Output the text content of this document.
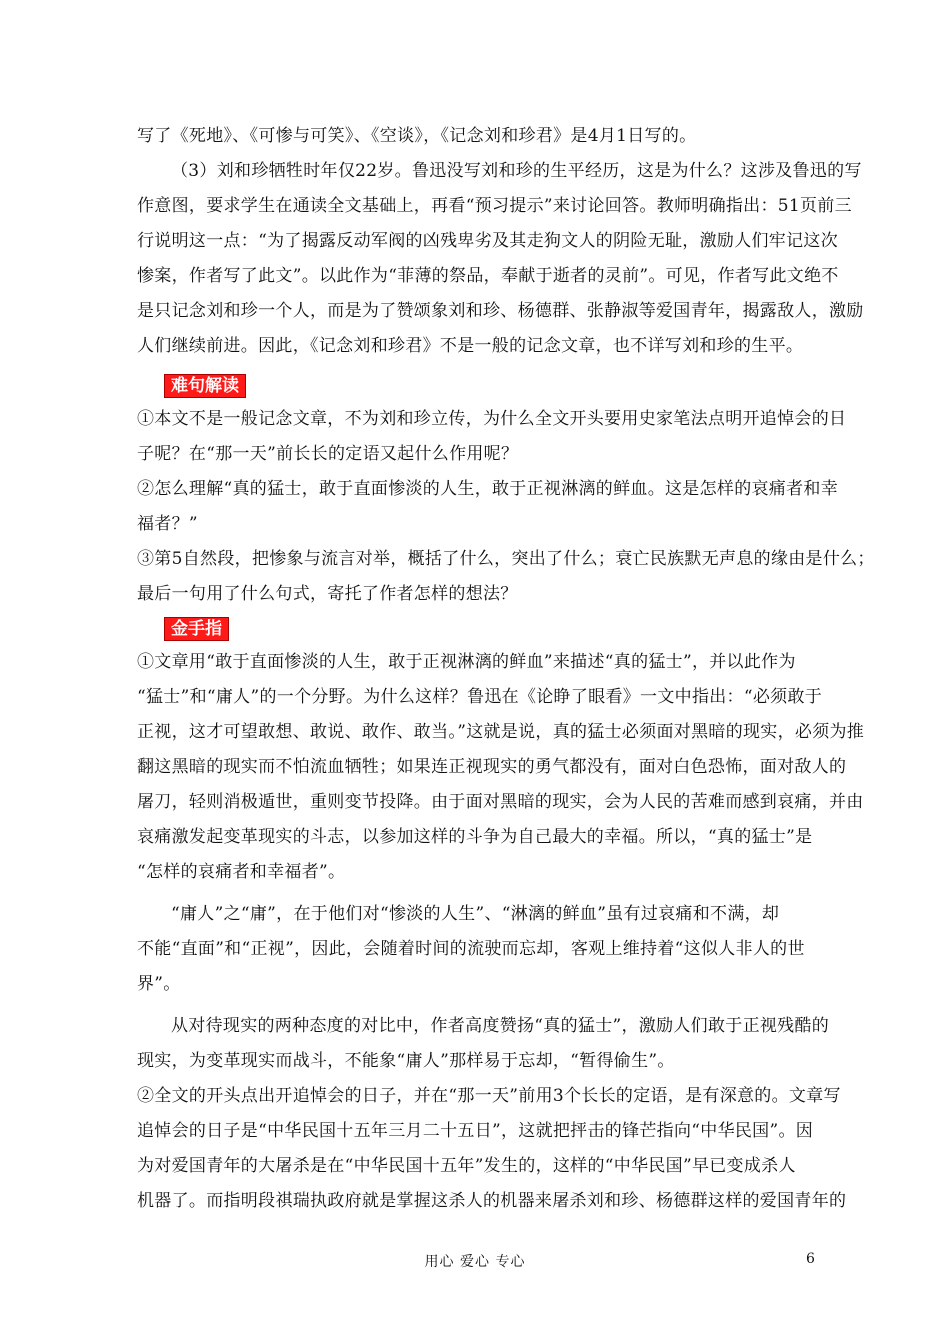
写了《死地》、《可惨与可笑》、《空谈》，《记念刘和珍君》是4月1日写的。
（3）刘和珍牺牲时年仅22岁。鲁迅没写刘和珍的生平经历，这是为什么？这涉及鲁迅的写
作意图，要求学生在通读全文基础上，再看“预习提示”来讨论回答。教师明确指出：51页前三
行说明这一点：“为了揭露反动军阀的凶残卑劣及其走狗文人的阴险无耻，激励人们牢记这次
惨案，作者写了此文”。以此作为“菲薄的祭品，奉献于逝者的灵前”。可见，作者写此文绝不
是只记念刘和珍一个人，而是为了赞颂象刘和珍、杨德群、张静淑等爱国青年，揭露敌人，激励
人们继续前进。因此，《记念刘和珍君》不是一般的记念文章，也不详写刘和珍的生平。
难句解读
①本文不是一般记念文章，不为刘和珍立传，为什么全文开头要用史家笔法点明开追悼会的日
子呢？在“那一天”前长长的定语又起什么作用呢？
②怎么理解“真的猛士，敢于直面惨淡的人生，敢于正视淋漓的鲜血。这是怎样的哀痛者和幸
福者？”
③第5自然段，把惨象与流言对举，概括了什么，突出了什么；衰亡民族默无声息的缘由是什么；
最后一句用了什么句式，寄托了作者怎样的想法？
金手指
①文章用“敢于直面惨淡的人生，敢于正视淋漓的鲜血”来描述“真的猛士”，并以此作为
“猛士”和“庸人”的一个分野。为什么这样？鲁迅在《论睁了眼看》一文中指出：“必须敢于
正视，这才可望敢想、敢说、敢作、敢当。”这就是说，真的猛士必须面对黑暗的现实，必须为推
翻这黑暗的现实而不怕流血牺牲；如果连正视现实的勇气都没有，面对白色恐怖，面对敌人的
屠刀，轻则消极遁世，重则变节投降。由于面对黑暗的现实，会为人民的苦难而感到哀痛，并由
哀痛激发起变革现实的斗志，以参加这样的斗争为自己最大的幸福。所以，“真的猛士”是
“怎样的哀痛者和幸福者”。
“庸人”之“庸”，在于他们对“惨淡的人生”、“淋漓的鲜血”虽有过哀痛和不满，却
不能“直面”和“正视”，因此，会随着时间的流驶而忘却，客观上维持着“这似人非人的世
界”。
从对待现实的两种态度的对比中，作者高度赞扬“真的猛士”，激励人们敢于正视残酷的
现实，为变革现实而战斗，不能象“庸人”那样易于忘却，“暂得偷生”。
②全文的开头点出开追悼会的日子，并在“那一天”前用3个长长的定语，是有深意的。文章写
追悼会的日子是“中华民国十五年三月二十五日”，这就把抨击的锋芒指向“中华民国”。因
为对爱国青年的大屠杀是在“中华民国十五年”发生的，这样的“中华民国”早已变成杀人
机器了。而指明段祺瑞执政府就是掌握这杀人的机器来屠杀刘和珍、杨德群这样的爱国青年的
用心 爱心 专心	6
